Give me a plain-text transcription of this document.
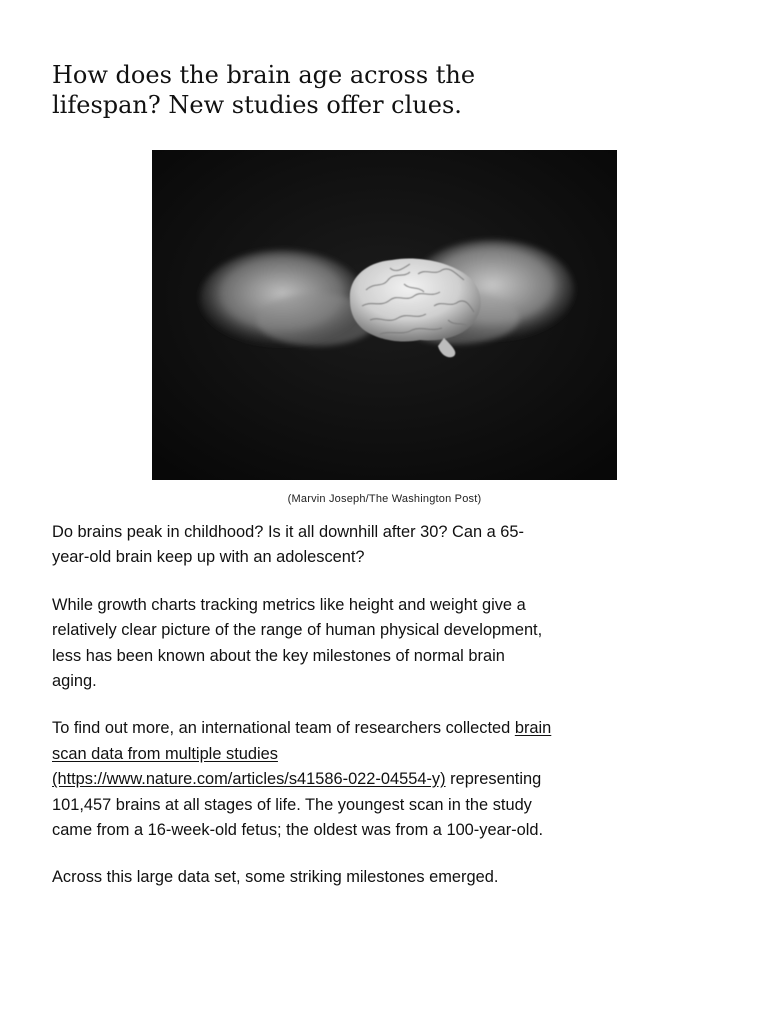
How does the brain age across the
lifespan? New studies offer clues.
(Marvin Joseph/The Washington Post)

Do brains peak in childhood? Is it all downhill after 30? Can a 65-year-old brain keep up with an adolescent?

While growth charts tracking metrics like height and weight give a relatively clear picture of the range of human physical development, less has been known about the key milestones of normal brain aging.

To find out more, an international team of researchers collected brain scan data from multiple studies
(https://www.nature.com/articles/s41586-022-04554-y) representing 101,457 brains at all stages of life. The youngest scan in the study came from a 16-week-old fetus; the oldest was from a 100-year-old.

Across this large data set, some striking milestones emerged.
